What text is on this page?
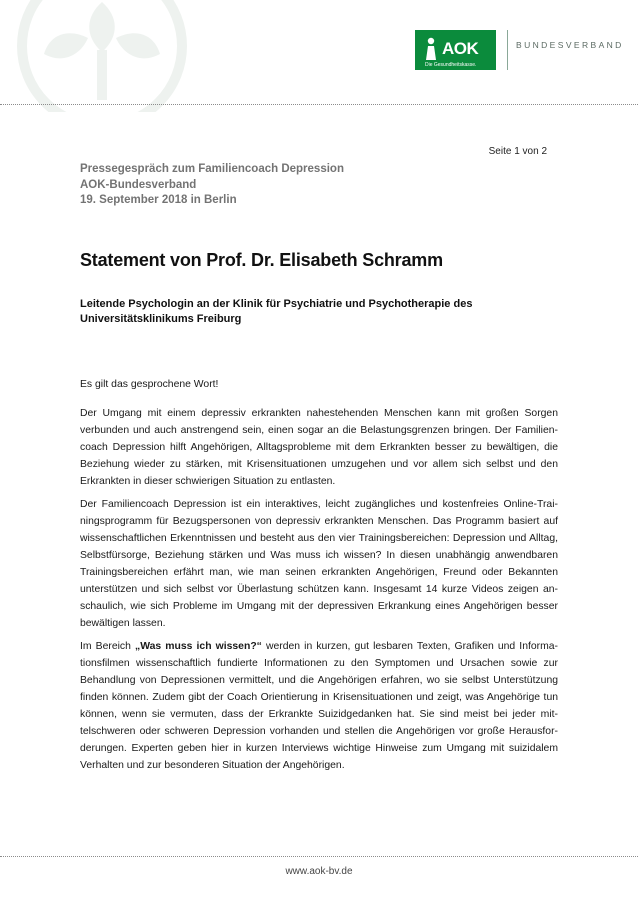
AOK
Die Gesundheitskasse.
BUNDESVERBAND
Seite 1 von 2
Pressegespräch zum Familiencoach Depression
AOK-Bundesverband
19. September 2018 in Berlin
Statement von Prof. Dr. Elisabeth Schramm
Leitende Psychologin an der Klinik für Psychiatrie und Psychotherapie des
Universitätsklinikums Freiburg

Es gilt das gesprochene Wort!

Der Umgang mit einem depressiv erkrankten nahestehenden Menschen kann mit großen Sorgen verbunden und auch anstrengend sein, einen sogar an die Belastungsgrenzen bringen. Der Familiencoach Depression hilft Angehörigen, Alltagsprobleme mit dem Erkrankten besser zu bewältigen, die Beziehung wieder zu stärken, mit Krisensituationen umzugehen und vor allem sich selbst und den Erkrankten in dieser schwierigen Situation zu entlasten.

Der Familiencoach Depression ist ein interaktives, leicht zugängliches und kostenfreies Online-Trainingsprogramm für Bezugspersonen von depressiv erkrankten Menschen. Das Programm basiert auf wissenschaftlichen Erkenntnissen und besteht aus den vier Trainingsbereichen: Depression und Alltag, Selbstfürsorge, Beziehung stärken und Was muss ich wissen? In diesen unabhängig anwendbaren Trainingsbereichen erfährt man, wie man seinen erkrankten Angehörigen, Freund oder Bekannten unterstützen und sich selbst vor Überlastung schützen kann. Insgesamt 14 kurze Videos zeigen anschaulich, wie sich Probleme im Umgang mit der depressiven Erkrankung eines Angehörigen besser bewältigen lassen.

Im Bereich „Was muss ich wissen?“ werden in kurzen, gut lesbaren Texten, Grafiken und Informationsfilmen wissenschaftlich fundierte Informationen zu den Symptomen und Ursachen sowie zur Behandlung von Depressionen vermittelt, und die Angehörigen erfahren, wo sie selbst Unterstützung finden können. Zudem gibt der Coach Orientierung in Krisensituationen und zeigt, was Angehörige tun können, wenn sie vermuten, dass der Erkrankte Suizidgedanken hat. Sie sind meist bei jeder mittelschweren oder schweren Depression vorhanden und stellen die Angehörigen vor große Herausforderungen. Experten geben hier in kurzen Interviews wichtige Hinweise zum Umgang mit suizidalem Verhalten und zur besonderen Situation der Angehörigen.

www.aok-bv.de
